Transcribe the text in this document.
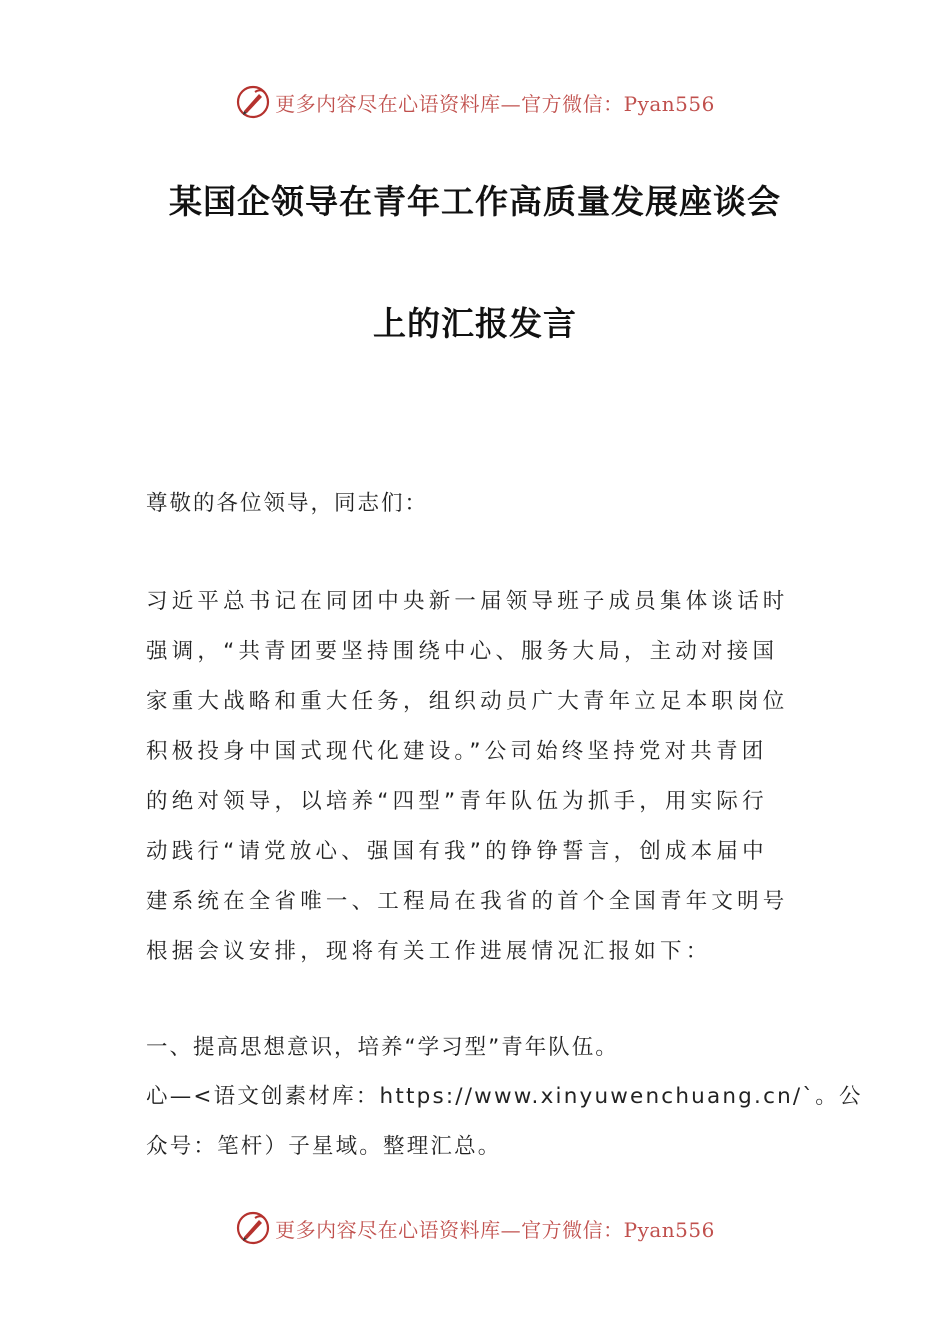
更多内容尽在心语资料库—官方微信：Pyan556
某国企领导在青年工作高质量发展座谈会
上的汇报发言
尊敬的各位领导，同志们：
习近平总书记在同团中央新一届领导班子成员集体谈话时
强调，“共青团要坚持围绕中心、服务大局，主动对接国
家重大战略和重大任务，组织动员广大青年立足本职岗位
积极投身中国式现代化建设。”公司始终坚持党对共青团
的绝对领导，以培养“四型”青年队伍为抓手，用实际行
动践行“请党放心、强国有我”的铮铮誓言，创成本届中
建系统在全省唯一、工程局在我省的首个全国青年文明号
根据会议安排，现将有关工作进展情况汇报如下：
一、提高思想意识，培养“学习型”青年队伍。
心—<语文创素材库：https://www.xinyuwenchuang.cn/`。公
众号：笔杆）子星域。整理汇总。
更多内容尽在心语资料库—官方微信：Pyan556
